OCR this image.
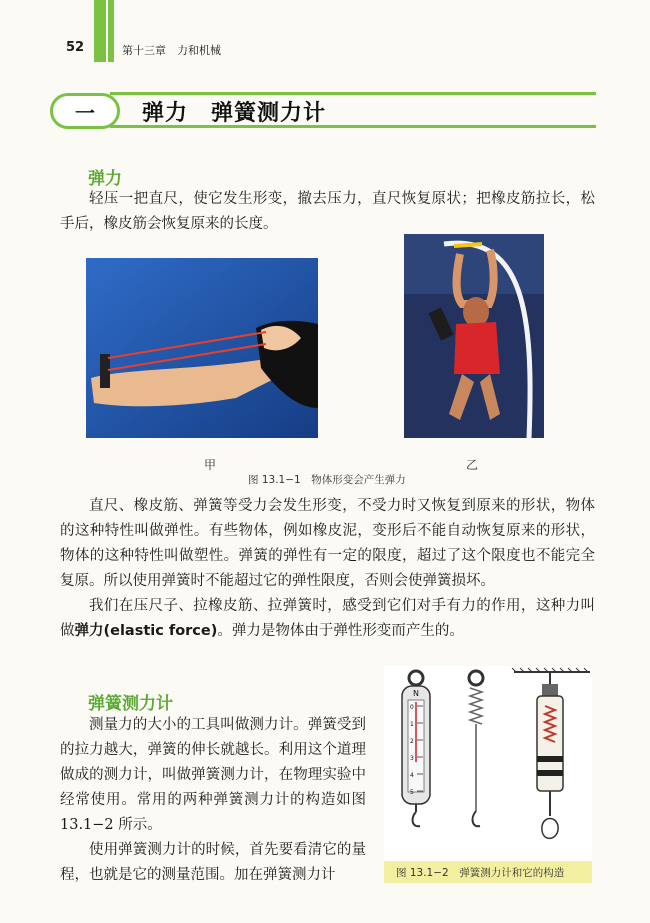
52	第十三章　力和机械
一	弹力　弹簧测力计
弹力

轻压一把直尺，使它发生形变，撤去压力，直尺恢复原状；把橡皮筋拉长，松手后，橡皮筋会恢复原来的长度。

甲	乙
图 13.1−1　物体形变会产生弹力

直尺、橡皮筋、弹簧等受力会发生形变，不受力时又恢复到原来的形状，物体的这种特性叫做弹性。有些物体，例如橡皮泥，变形后不能自动恢复原来的形状，物体的这种特性叫做塑性。弹簧的弹性有一定的限度，超过了这个限度也不能完全复原。所以使用弹簧时不能超过它的弹性限度，否则会使弹簧损坏。

我们在压尺子、拉橡皮筋、拉弹簧时，感受到它们对手有力的作用，这种力叫做弹力(elastic force)。弹力是物体由于弹性形变而产生的。

弹簧测力计

测量力的大小的工具叫做测力计。弹簧受到的拉力越大，弹簧的伸长就越长。利用这个道理做成的测力计，叫做弹簧测力计，在物理实验中经常使用。常用的两种弹簧测力计的构造如图 13.1−2 所示。

使用弹簧测力计的时候，首先要看清它的量程，也就是它的测量范围。加在弹簧测力计

N
0
1
2
3
4
5
图 13.1−2　弹簧测力计和它的构造
